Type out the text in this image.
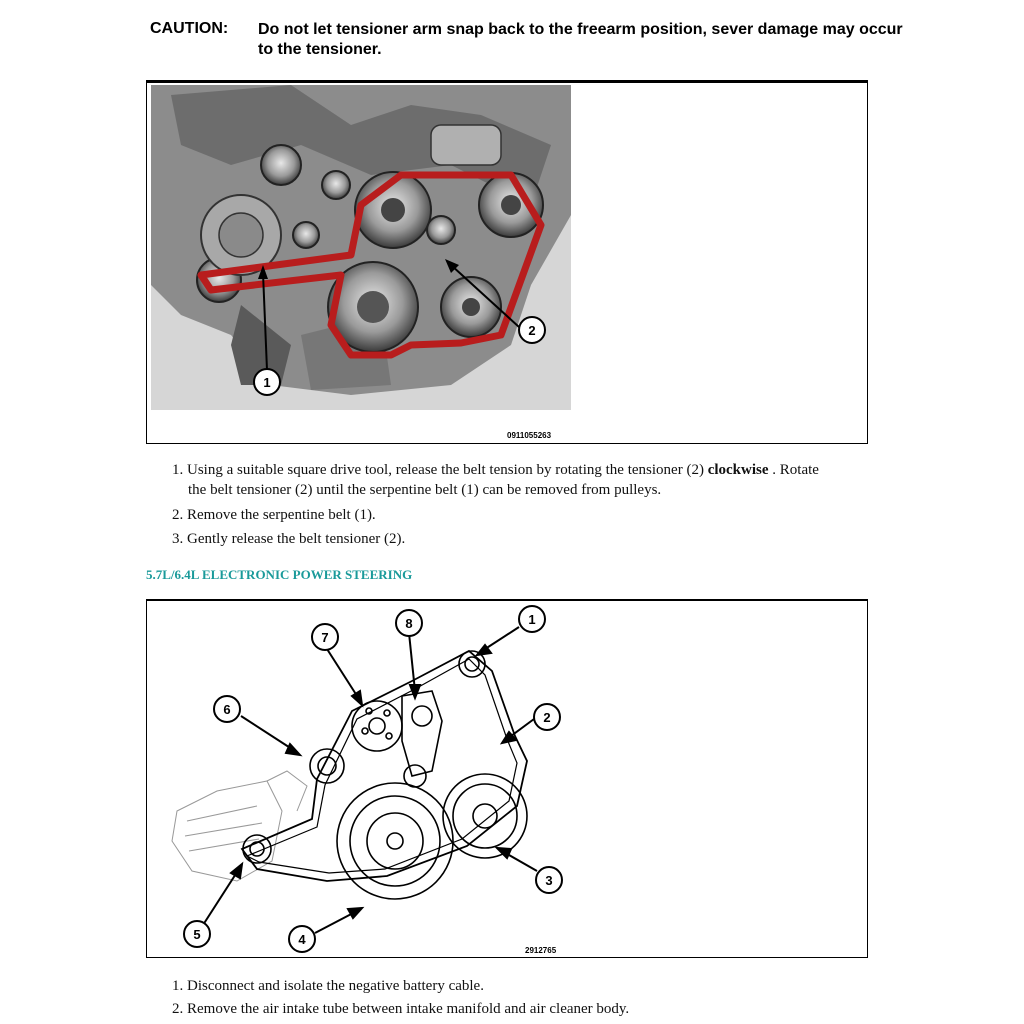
CAUTION:	Do not let tensioner arm snap back to the freearm position, sever damage may occur to the tensioner.
1
2
0911055263
1. Using a suitable square drive tool, release the belt tension by rotating the tensioner (2) clockwise . Rotate
the belt tensioner (2) until the serpentine belt (1) can be removed from pulleys.
2. Remove the serpentine belt (1).
3. Gently release the belt tensioner (2).
5.7L/6.4L ELECTRONIC POWER STEERING
1
2
3
4
5
6
7
8
2912765
1. Disconnect and isolate the negative battery cable.
2. Remove the air intake tube between intake manifold and air cleaner body.
